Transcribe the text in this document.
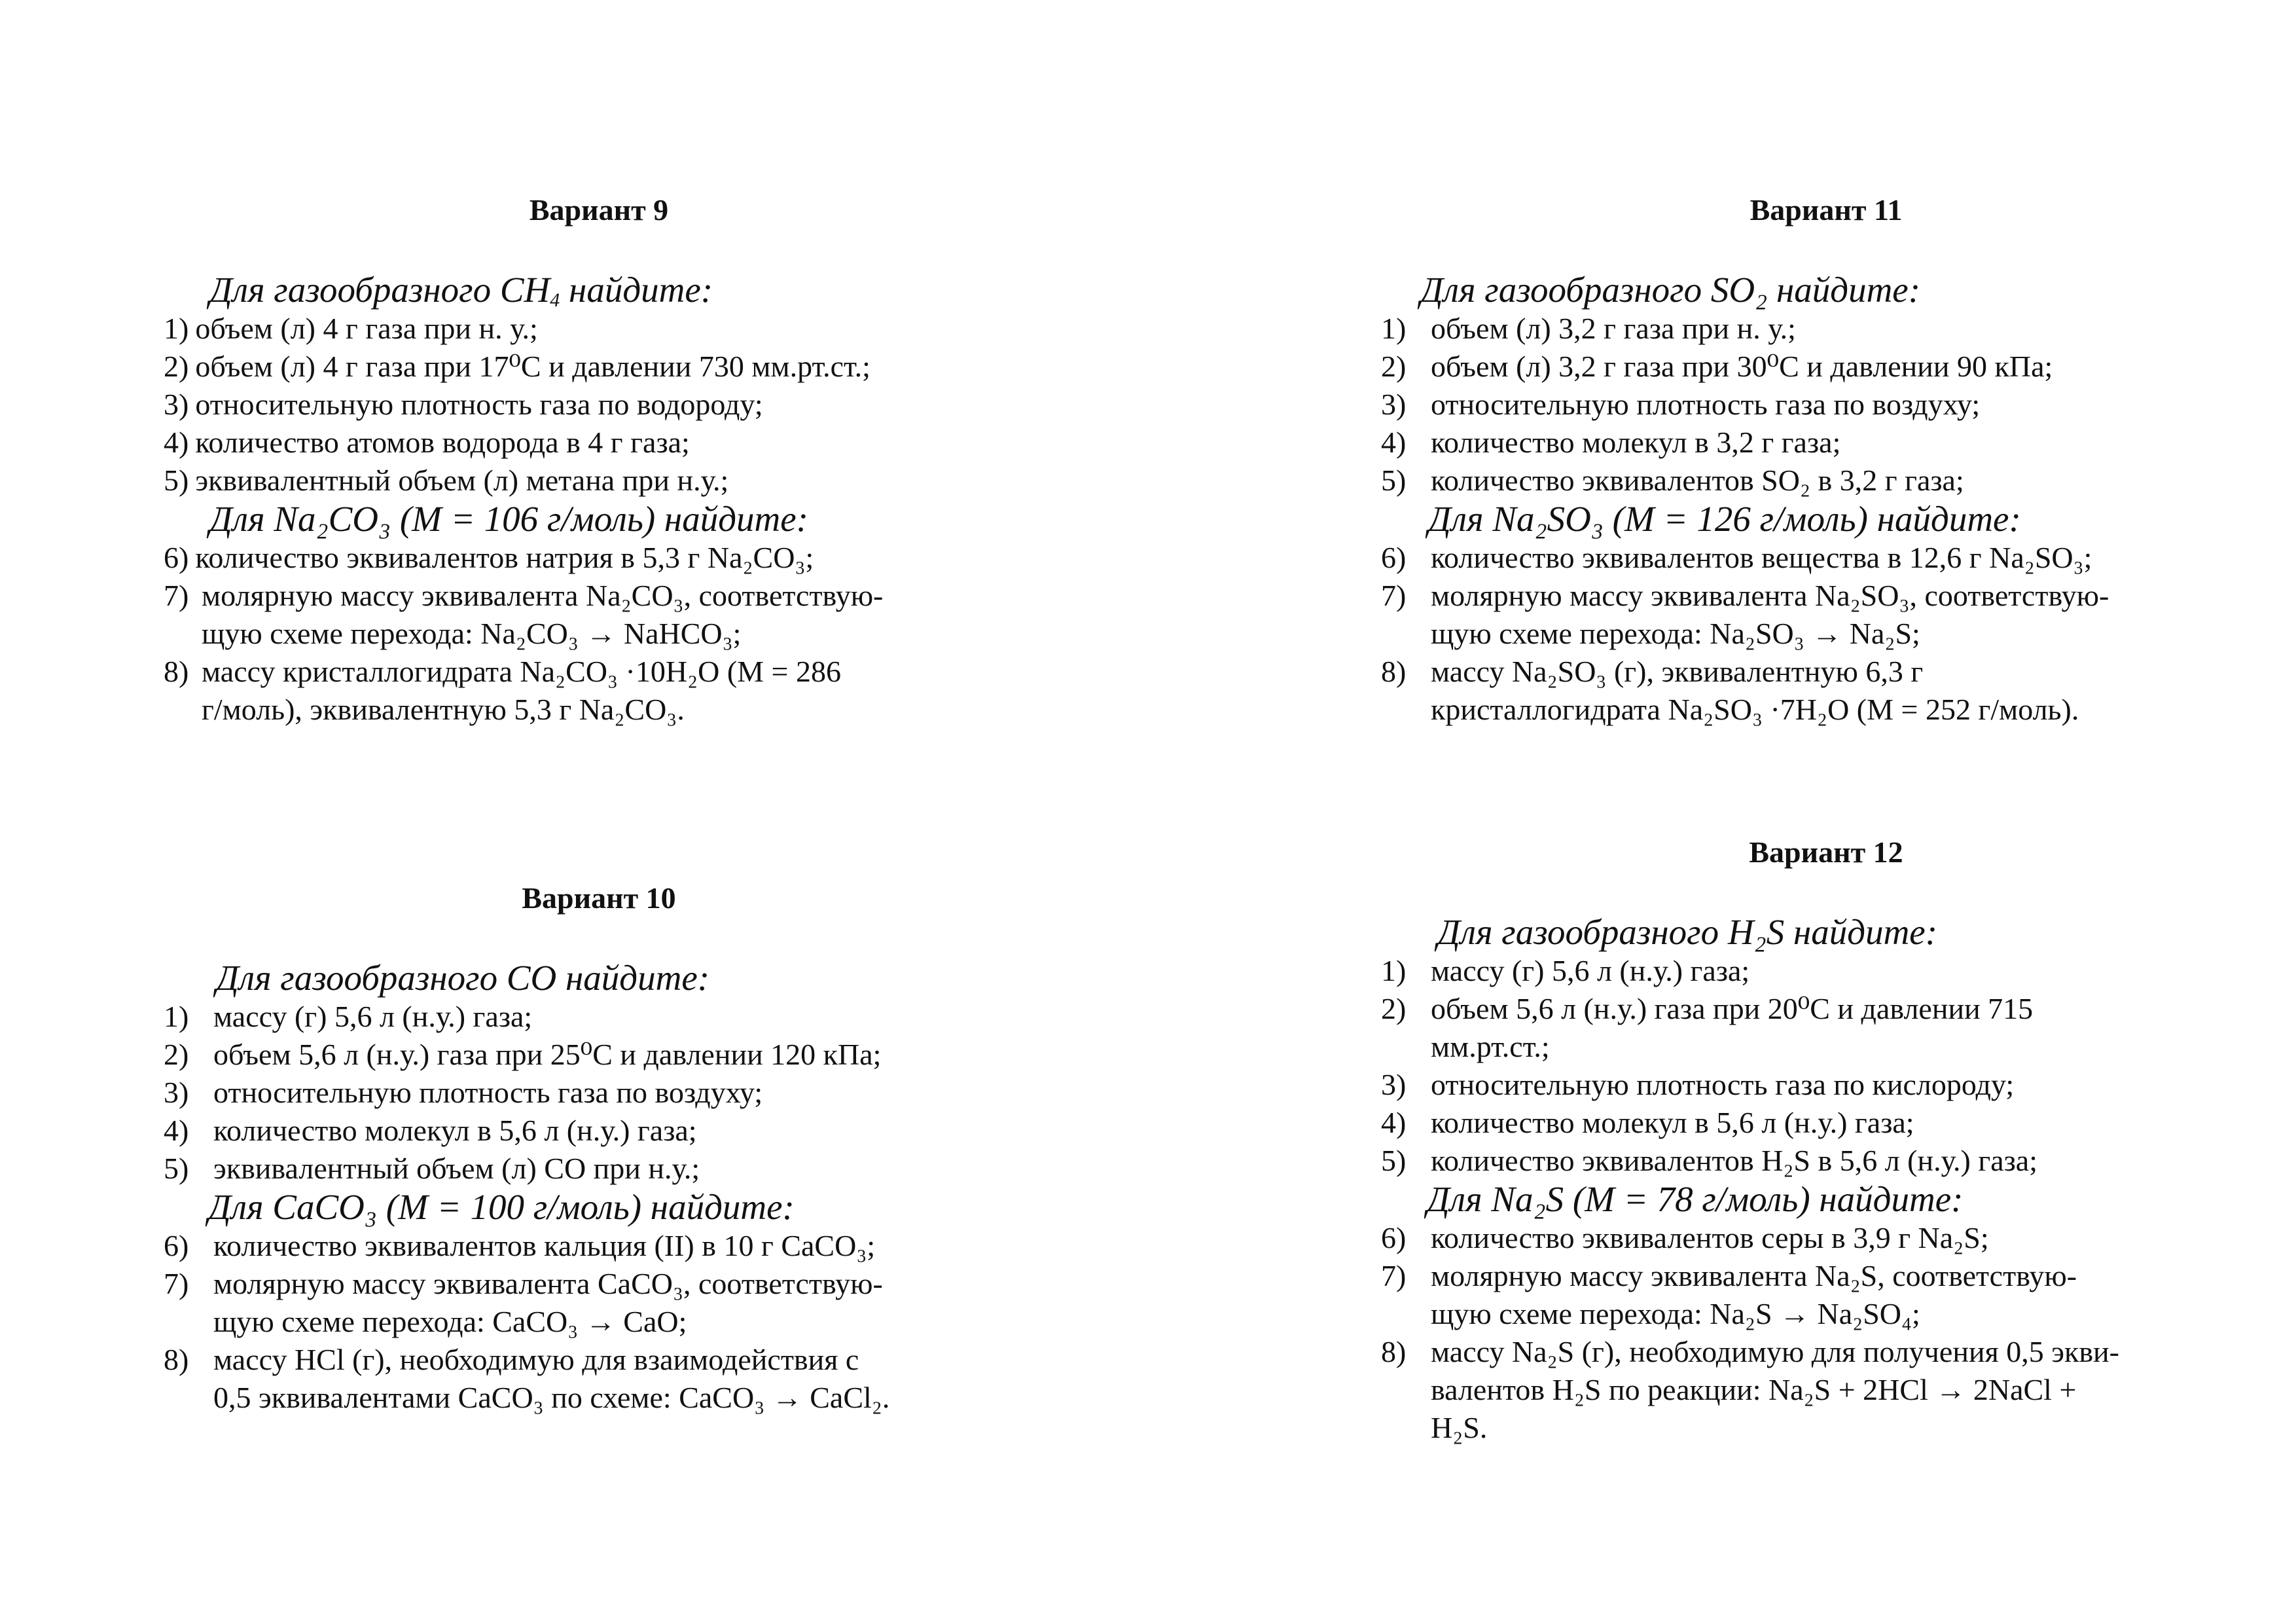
Вариант 9

Для газообразного $CH_4$ найдите:

1) объем (л) 4 г газа при н. у.;
2) объем (л) 4 г газа при 17⁰С и давлении 730 мм.рт.ст.;
3) относительную плотность газа по водороду;
4) количество атомов водорода в 4 г газа;
5) эквивалентный объем (л) метана при н.у.;

Для Na₂CO₃ (M = 106 г/моль) найдите:

6) количество эквивалентов натрия в 5,3 г Na₂CO₃;
7) молярную массу эквивалента Na₂CO₃, соответствую-
щую схеме перехода: Na₂CO₃ → NaHCO₃;
8) массу кристаллогидрата Na₂CO₃ ·10H₂O (M = 286
г/моль), эквивалентную 5,3 г Na₂CO₃.
Вариант 10

Для газообразного CO найдите:

1) массу (г) 5,6 л (н.у.) газа;
2) объем 5,6 л (н.у.) газа при 25⁰С и давлении 120 кПа;
3) относительную плотность газа по воздуху;
4) количество молекул в 5,6 л (н.у.) газа;
5) эквивалентный объем (л) CO при н.у.;

Для CaCO₃ (M = 100 г/моль) найдите:

6) количество эквивалентов кальция (II) в 10 г CaCO₃;
7) молярную массу эквивалента CaCO₃, соответствую-
щую схеме перехода: CaCO₃ → CaO;
8) массу HCl (г), необходимую для взаимодействия с
0,5 эквивалентами CaCO₃ по схеме: CaCO₃ → CaCl₂.
Вариант 11

Для газообразного SO₂ найдите:

1) объем (л) 3,2 г газа при н. у.;
2) объем (л) 3,2 г газа при 30⁰С и давлении 90 кПа;
3) относительную плотность газа по воздуху;
4) количество молекул в 3,2 г газа;
5) количество эквивалентов SO₂ в 3,2 г газа;

Для Na₂SO₃ (M = 126 г/моль) найдите:

6) количество эквивалентов вещества в 12,6 г Na₂SO₃;
7) молярную массу эквивалента Na₂SO₃, соответствую-
щую схеме перехода: Na₂SO₃ → Na₂S;
8) массу Na₂SO₃ (г), эквивалентную 6,3 г
кристаллогидрата Na₂SO₃ ·7H₂O (M = 252 г/моль).
Вариант 12

Для газообразного H₂S найдите:

1) массу (г) 5,6 л (н.у.) газа;
2) объем 5,6 л (н.у.) газа при 20⁰С и давлении 715
мм.рт.ст.;
3) относительную плотность газа по кислороду;
4) количество молекул в 5,6 л (н.у.) газа;
5) количество эквивалентов H₂S в 5,6 л (н.у.) газа;

Для Na₂S (M = 78 г/моль) найдите:

6) количество эквивалентов серы в 3,9 г Na₂S;
7) молярную массу эквивалента Na₂S, соответствую-
щую схеме перехода: Na₂S → Na₂SO₄;
8) массу Na₂S (г), необходимую для получения 0,5 экви-
валентов H₂S по реакции: Na₂S + 2HCl → 2NaCl +
H₂S.
